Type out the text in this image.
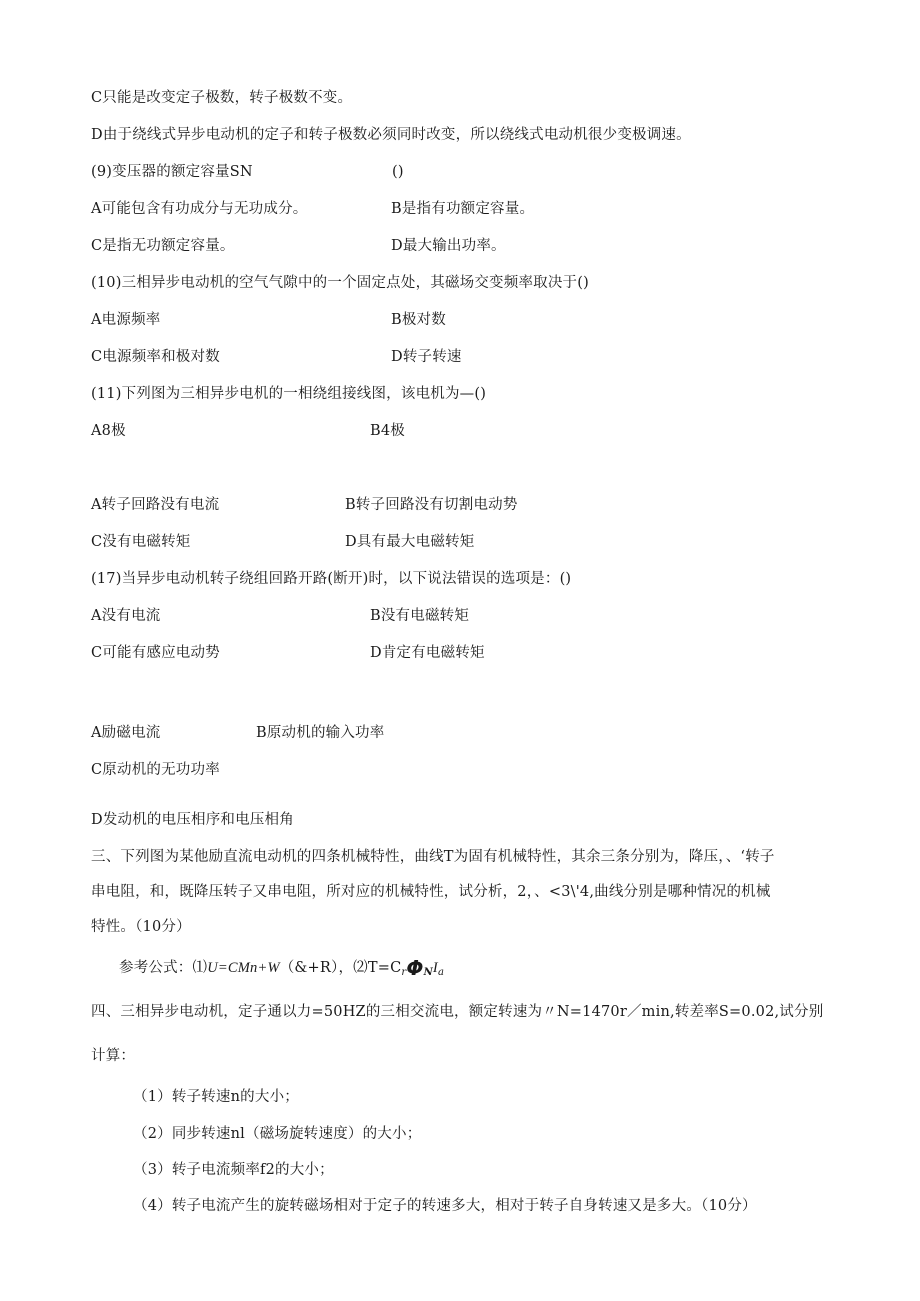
C只能是改变定子极数，转子极数不变。
D由于绕线式异步电动机的定子和转子极数必须同时改变，所以绕线式电动机很少变极调速。
(9)变压器的额定容量SN	()
A可能包含有功成分与无功成分。	B是指有功额定容量。
C是指无功额定容量。	D最大输出功率。
(10)三相异步电动机的空气气隙中的一个固定点处，其磁场交变频率取决于()
A电源频率	B极对数
C电源频率和极对数	D转子转速
(11)下列图为三相异步电机的一相绕组接线图，该电机为—()
A8极	B4极
A转子回路没有电流	B转子回路没有切割电动势
C没有电磁转矩	D具有最大电磁转矩
(17)当异步电动机转子绕组回路开路(断开)时，以下说法错误的选项是：()
A没有电流	B没有电磁转矩
C可能有感应电动势	D肯定有电磁转矩
A励磁电流	B原动机的输入功率
C原动机的无功功率
D发动机的电压相序和电压相角
三、下列图为某他励直流电动机的四条机械特性，曲线T为固有机械特性，其余三条分别为，降压，、‘转子
串电阻，和，既降压转子又串电阻，所对应的机械特性，试分析，2，、<3\'4,曲线分别是哪种情况的机械
特性。（10分）
参考公式：⑴U=CMn+W（&+R），$⑵T=C_r\Phi_NI_a$
四、三相异步电动机，定子通以力=50HZ的三相交流电，额定转速为〃N=1470r／min,转差率S=0.02,试分别
计算：
（1）转子转速n的大小；
（2）同步转速nl（磁场旋转速度）的大小；
（3）转子电流频率f2的大小；
（4）转子电流产生的旋转磁场相对于定子的转速多大，相对于转子自身转速又是多大。（10分）
